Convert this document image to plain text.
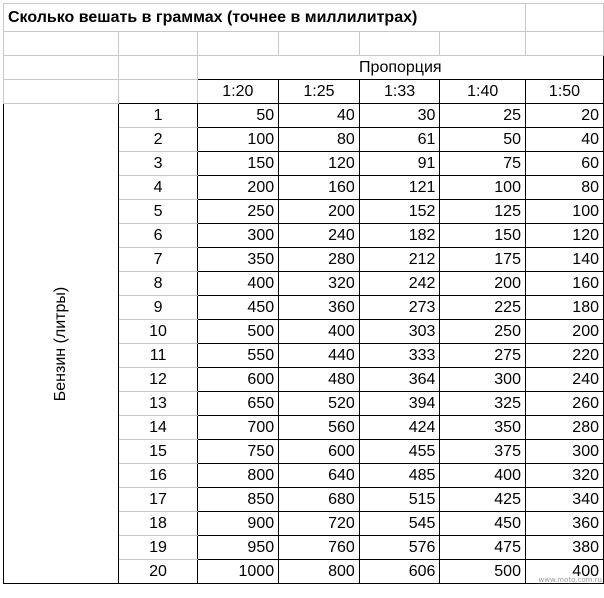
Сколько вешать в граммах (точнее в миллилитрах)						

		Пропорция				
		1:20	1:25	1:33	1:40	1:50
Бензин (литры)	1	50	40	30	25	20
	2	100	80	61	50	40
	3	150	120	91	75	60
	4	200	160	121	100	80
	5	250	200	152	125	100
	6	300	240	182	150	120
	7	350	280	212	175	140
	8	400	320	242	200	160
	9	450	360	273	225	180
	10	500	400	303	250	200
	11	550	440	333	275	220
	12	600	480	364	300	240
	13	650	520	394	325	260
	14	700	560	424	350	280
	15	750	600	455	375	300
	16	800	640	485	400	320
	17	850	680	515	425	340
	18	900	720	545	450	360
	19	950	760	576	475	380
	20	1000	800	606	500	400
www.moto.com.ru
